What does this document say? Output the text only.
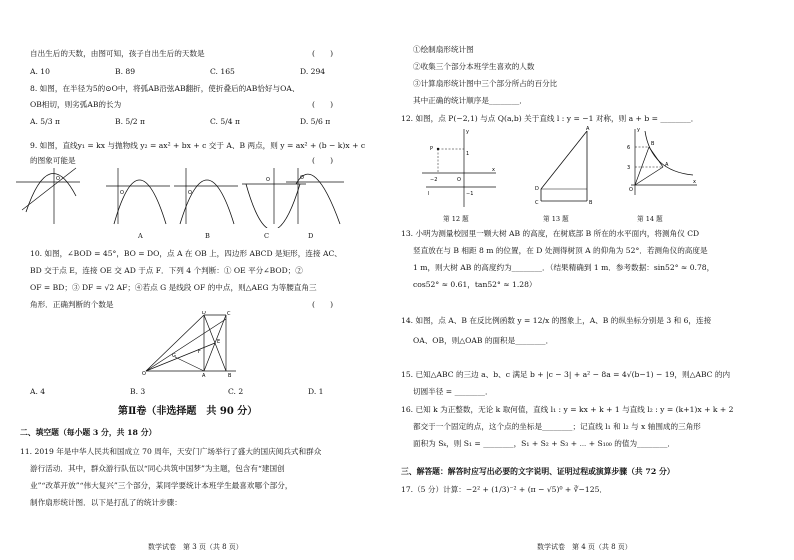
自出生后的天数，由图可知，孩子自出生后的天数是	(　　)
A. 10	B. 89	C. 165	D. 294
8. 如图，在半径为5的⊙O中，将弧AB沿弦AB翻折，使折叠后的AB恰好与OA、
OB相切，则劣弧AB的长为	(　　)
A. 5/3 π	B. 5/2 π	C. 5/4 π	D. 5/6 π
9. 如图，直线y₁ = kx 与抛物线 y₂ = ax² + bx + c 交于 A、B 两点，则 y = ax² + (b − k)x + c
的图象可能是	(　　)
O
O	O
O	O
A	B	C	D
10. 如图，∠BOD = 45°，BO = DO，点 A 在 OB 上，四边形 ABCD 是矩形，连接 AC、
BD 交于点 E，连接 OE 交 AD 于点 F．下列 4 个判断：① OE 平分∠BOD；②
OF = BD；③ DF = √2 AF；④若点 G 是线段 OF 的中点，则△AEG 为等腰直角三
角形．正确判断的个数是	(　　)
O
D	C
E
F
G
A	B
A. 4	B. 3	C. 2	D. 1
第Ⅱ卷（非选择题　共 90 分）
二、填空题（每小题 3 分，共 18 分）
11. 2019 年是中华人民共和国成立 70 周年，天安门广场举行了盛大的国庆阅兵式和群众
游行活动．其中，群众游行队伍以“同心共筑中国梦”为主题，包含有“建国创
业”“改革开放”“伟大复兴”三个部分，某同学要统计本班学生最喜欢哪个部分，
制作扇形统计图．以下是打乱了的统计步骤：
数学试卷　第 3 页（共 8 页）
①绘制扇形统计图
②收集三个部分本班学生喜欢的人数
③计算扇形统计图中三个部分所占的百分比
其中正确的统计顺序是________．
12. 如图，点 P(−2,1) 与点 Q(a,b) 关于直线 l : y = −1 对称，则 a + b = ________．
P
y
x
−2	O
1
−1
l
A
D
C	B
y
x
6
3
O
B
A
第 12 题	第 13 题	第 14 题
13. 小明为测量校园里一颗大树 AB 的高度，在树底部 B 所在的水平面内，将测角仪 CD
竖直放在与 B 相距 8 m 的位置，在 D 处测得树顶 A 的仰角为 52°．若测角仪的高度是
1 m，则大树 AB 的高度约为________．（结果精确到 1 m．参考数据：sin52° ≈ 0.78，
cos52° ≈ 0.61，tan52° ≈ 1.28）
14. 如图，点 A、B 在反比例函数 y = 12/x 的图象上，A、B 的纵坐标分别是 3 和 6，连接
OA、OB，则△OAB 的面积是________．
15. 已知△ABC 的三边 a、b、c 满足 b + |c − 3| + a² − 8a = 4√(b−1) − 19，则△ABC 的内
切圆半径 = ________．
16. 已知 k 为正整数，无论 k 取何值，直线 l₁ : y = kx + k + 1 与直线 l₂ : y = (k+1)x + k + 2
都交于一个固定的点，这个点的坐标是________；记直线 l₁ 和 l₂ 与 x 轴围成的三角形
面积为 Sₖ，则 S₁ = ________，S₁ + S₂ + S₃ + ⋯ + S₁₀₀ 的值为________．
三、解答题：解答时应写出必要的文字说明、证明过程或演算步骤（共 72 分）
17.（5 分）计算：−2² + (1/3)⁻² + (π − √5)⁰ + ∛−125．
数学试卷　第 4 页（共 8 页）
